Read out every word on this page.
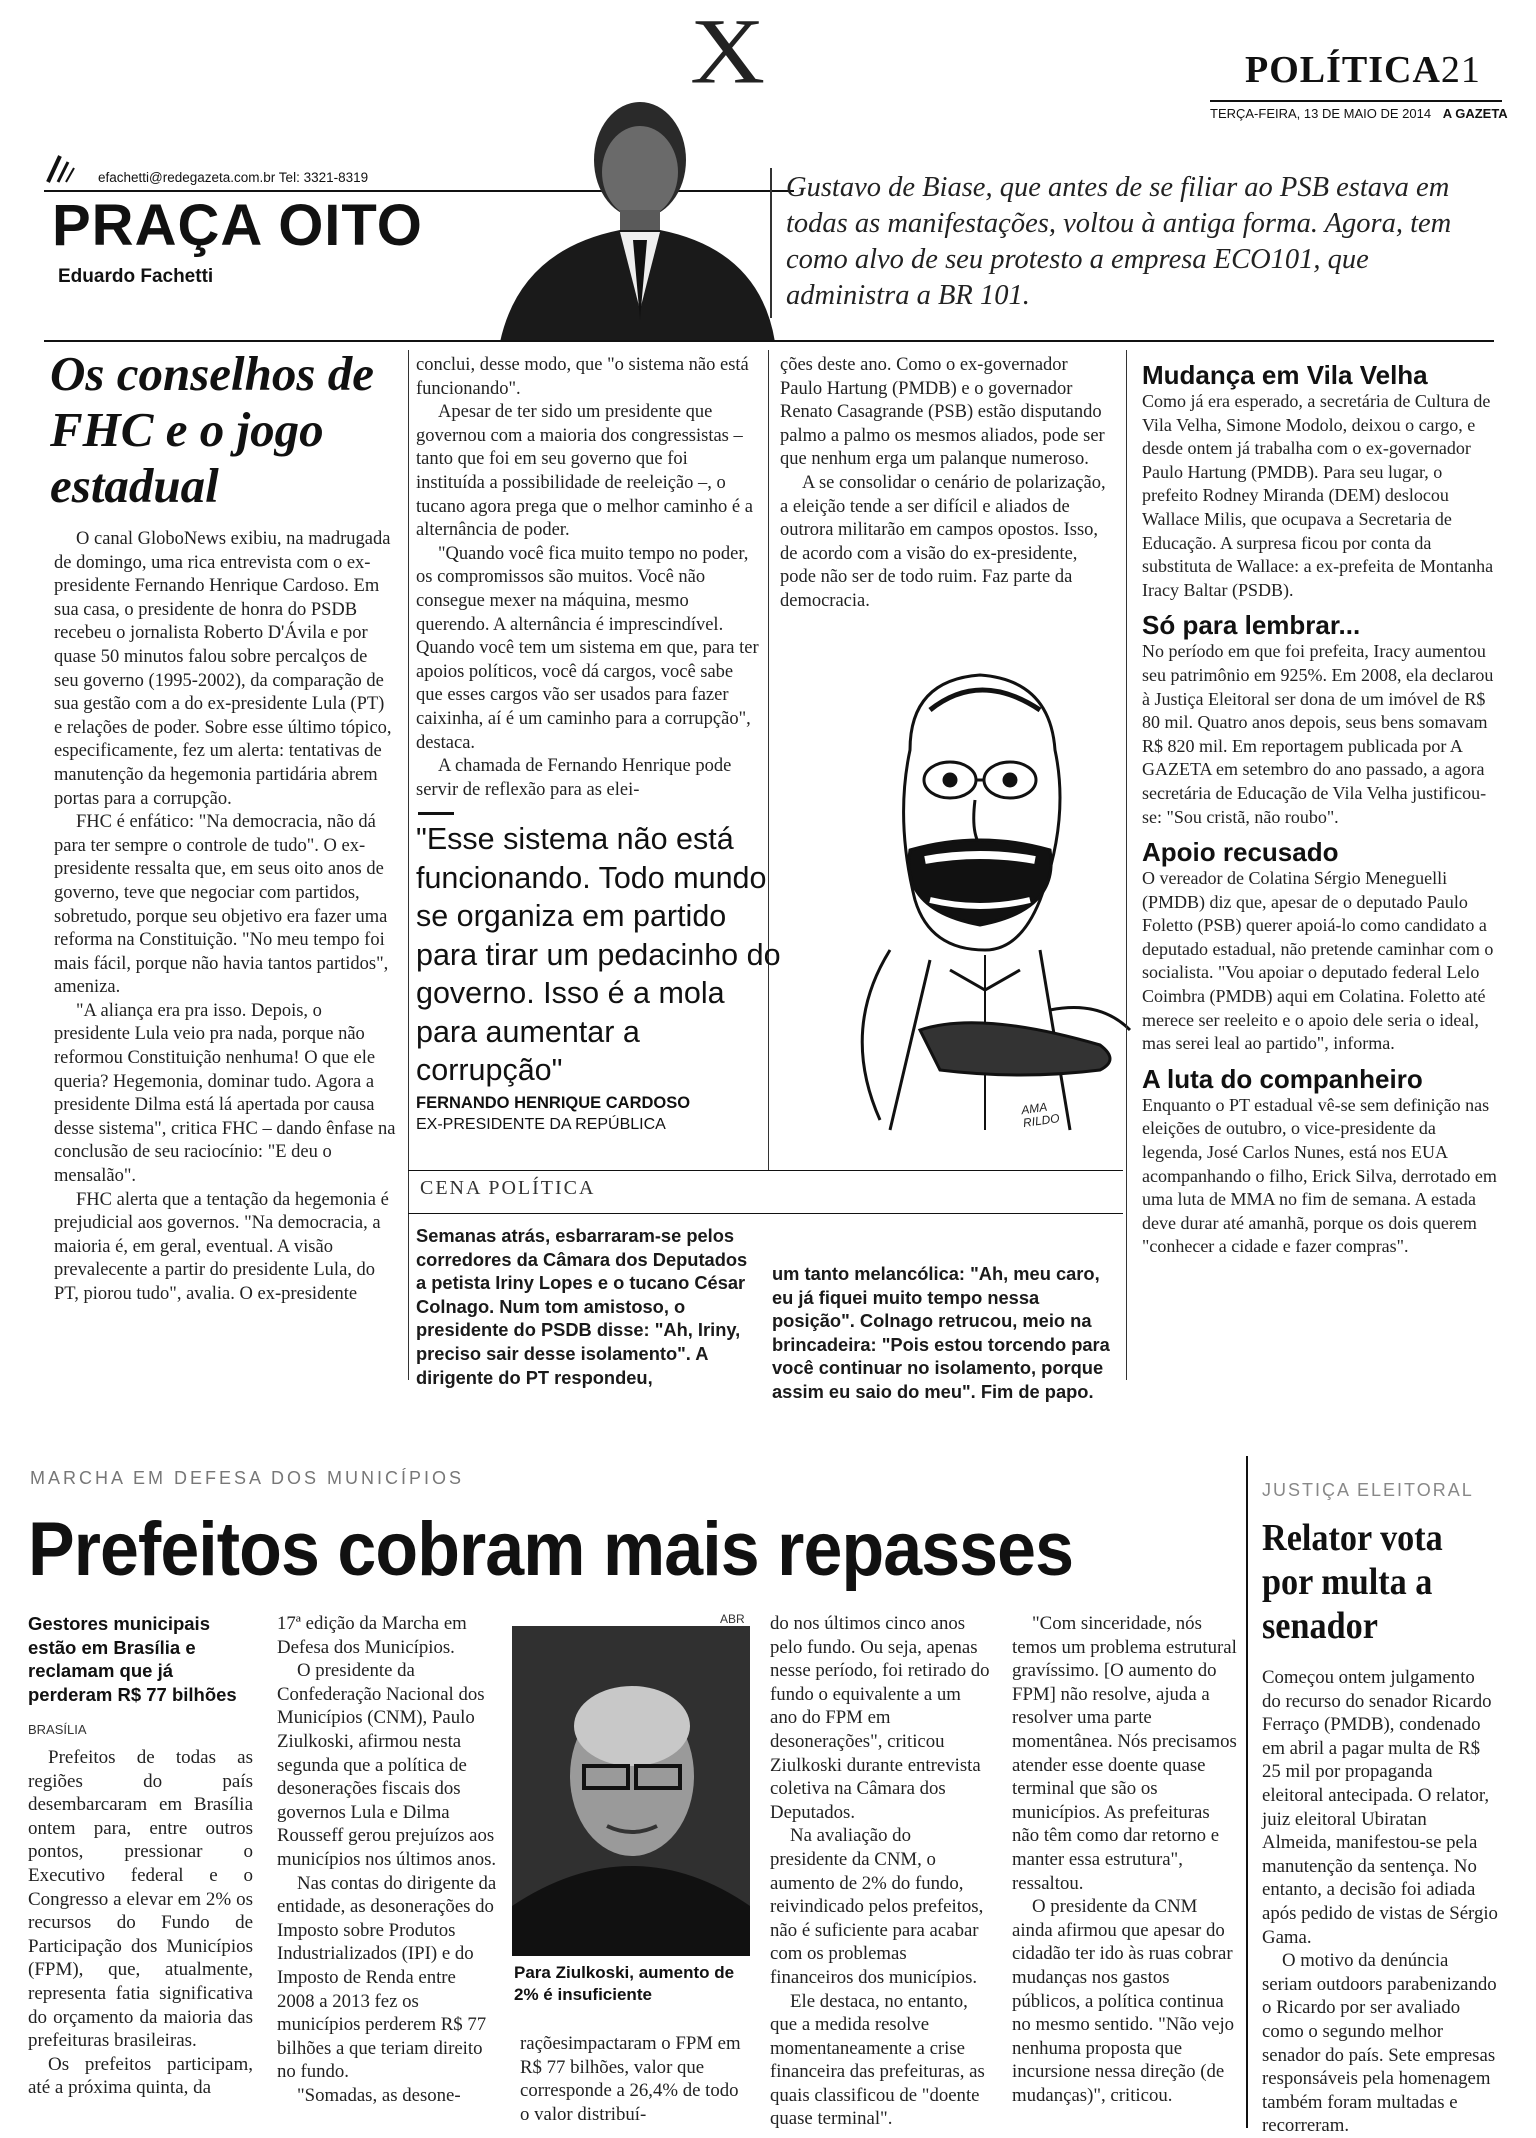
X	POLÍTICA21
TERÇA-FEIRA, 13 DE MAIO DE 2014 A GAZETA
efachetti@redegazeta.com.br Tel: 3321-8319
PRAÇA OITO
Eduardo Fachetti
Gustavo de Biase, que antes de se filiar ao PSB estava em todas as manifestações, voltou à antiga forma. Agora, tem como alvo de seu protesto a empresa ECO101, que administra a BR 101.
Os conselhos de FHC e o jogo estadual

O canal GloboNews exibiu, na madrugada de domingo, uma rica entrevista com o ex-presidente Fernando Henrique Cardoso. Em sua casa, o presidente de honra do PSDB recebeu o jornalista Roberto D'Ávila e por quase 50 minutos falou sobre percalços de seu governo (1995-2002), da comparação de sua gestão com a do ex-presidente Lula (PT) e relações de poder. Sobre esse último tópico, especificamente, fez um alerta: tentativas de manutenção da hegemonia partidária abrem portas para a corrupção.

FHC é enfático: "Na democracia, não dá para ter sempre o controle de tudo". O ex-presidente ressalta que, em seus oito anos de governo, teve que negociar com partidos, sobretudo, porque seu objetivo era fazer uma reforma na Constituição. "No meu tempo foi mais fácil, porque não havia tantos partidos", ameniza.

"A aliança era pra isso. Depois, o presidente Lula veio pra nada, porque não reformou Constituição nenhuma! O que ele queria? Hegemonia, dominar tudo. Agora a presidente Dilma está lá apertada por causa desse sistema", critica FHC – dando ênfase na conclusão de seu raciocínio: "E deu o mensalão".

FHC alerta que a tentação da hegemonia é prejudicial aos governos. "Na democracia, a maioria é, em geral, eventual. A visão prevalecente a partir do presidente Lula, do PT, piorou tudo", avalia. O ex-presidente

conclui, desse modo, que "o sistema não está funcionando".

Apesar de ter sido um presidente que governou com a maioria dos congressistas – tanto que foi em seu governo que foi instituída a possibilidade de reeleição –, o tucano agora prega que o melhor caminho é a alternância de poder.

"Quando você fica muito tempo no poder, os compromissos são muitos. Você não consegue mexer na máquina, mesmo querendo. A alternância é imprescindível. Quando você tem um sistema em que, para ter apoios políticos, você dá cargos, você sabe que esses cargos vão ser usados para fazer caixinha, aí é um caminho para a corrupção", destaca.

A chamada de Fernando Henrique pode servir de reflexão para as elei-

ções deste ano. Como o ex-governador Paulo Hartung (PMDB) e o governador Renato Casagrande (PSB) estão disputando palmo a palmo os mesmos aliados, pode ser que nenhum erga um palanque numeroso.

A se consolidar o cenário de polarização, a eleição tende a ser difícil e aliados de outrora militarão em campos opostos. Isso, de acordo com a visão do ex-presidente, pode não ser de todo ruim. Faz parte da democracia.

"Esse sistema não está funcionando. Todo mundo se organiza em partido para tirar um pedacinho do governo. Isso é a mola para aumentar a corrupção"
FERNANDO HENRIQUE CARDOSO
EX-PRESIDENTE DA REPÚBLICA
AMA RILDO
CENA POLÍTICA
Semanas atrás, esbarraram-se pelos corredores da Câmara dos Deputados a petista Iriny Lopes e o tucano César Colnago. Num tom amistoso, o presidente do PSDB disse: "Ah, Iriny, preciso sair desse isolamento". A dirigente do PT respondeu,
um tanto melancólica: "Ah, meu caro, eu já fiquei muito tempo nessa posição". Colnago retrucou, meio na brincadeira: "Pois estou torcendo para você continuar no isolamento, porque assim eu saio do meu". Fim de papo.
Mudança em Vila Velha
Como já era esperado, a secretária de Cultura de Vila Velha, Simone Modolo, deixou o cargo, e desde ontem já trabalha com o ex-governador Paulo Hartung (PMDB). Para seu lugar, o prefeito Rodney Miranda (DEM) deslocou Wallace Milis, que ocupava a Secretaria de Educação. A surpresa ficou por conta da substituta de Wallace: a ex-prefeita de Montanha Iracy Baltar (PSDB).
Só para lembrar...
No período em que foi prefeita, Iracy aumentou seu patrimônio em 925%. Em 2008, ela declarou à Justiça Eleitoral ser dona de um imóvel de R$ 80 mil. Quatro anos depois, seus bens somavam R$ 820 mil. Em reportagem publicada por A GAZETA em setembro do ano passado, a agora secretária de Educação de Vila Velha justificou-se: "Sou cristã, não roubo".
Apoio recusado
O vereador de Colatina Sérgio Meneguelli (PMDB) diz que, apesar de o deputado Paulo Foletto (PSB) querer apoiá-lo como candidato a deputado estadual, não pretende caminhar com o socialista. "Vou apoiar o deputado federal Lelo Coimbra (PMDB) aqui em Colatina. Foletto até merece ser reeleito e o apoio dele seria o ideal, mas serei leal ao partido", informa.
A luta do companheiro
Enquanto o PT estadual vê-se sem definição nas eleições de outubro, o vice-presidente da legenda, José Carlos Nunes, está nos EUA acompanhando o filho, Erick Silva, derrotado em uma luta de MMA no fim de semana. A estada deve durar até amanhã, porque os dois querem "conhecer a cidade e fazer compras".
MARCHA EM DEFESA DOS MUNICÍPIOS
Prefeitos cobram mais repasses
Gestores municipais estão em Brasília e reclamam que já perderam R$ 77 bilhões
BRASÍLIA
Prefeitos de todas as regiões do país desembarcaram em Brasília ontem para, entre outros pontos, pressionar o Executivo federal e o Congresso a elevar em 2% os recursos do Fundo de Participação dos Municípios (FPM), que, atualmente, representa fatia significativa do orçamento da maioria das prefeituras brasileiras.
Os prefeitos participam, até a próxima quinta, da
17ª edição da Marcha em Defesa dos Municípios.
O presidente da Confederação Nacional dos Municípios (CNM), Paulo Ziulkoski, afirmou nesta segunda que a política de desonerações fiscais dos governos Lula e Dilma Rousseff gerou prejuízos aos municípios nos últimos anos.
Nas contas do dirigente da entidade, as desonerações do Imposto sobre Produtos Industrializados (IPI) e do Imposto de Renda entre 2008 a 2013 fez os municípios perderem R$ 77 bilhões a que teriam direito no fundo.
"Somadas, as desone-
ABR
Para Ziulkoski, aumento de 2% é insuficiente
raçõesimpactaram o FPM em R$ 77 bilhões, valor que corresponde a 26,4% de todo o valor distribuí-
do nos últimos cinco anos pelo fundo. Ou seja, apenas nesse período, foi retirado do fundo o equivalente a um ano do FPM em desonerações", criticou Ziulkoski durante entrevista coletiva na Câmara dos Deputados.
Na avaliação do presidente da CNM, o aumento de 2% do fundo, reivindicado pelos prefeitos, não é suficiente para acabar com os problemas financeiros dos municípios.
Ele destaca, no entanto, que a medida resolve momentaneamente a crise financeira das prefeituras, as quais classificou de "doente quase terminal".
"Com sinceridade, nós temos um problema estrutural gravíssimo. [O aumento do FPM] não resolve, ajuda a resolver uma parte momentânea. Nós precisamos atender esse doente quase terminal que são os municípios. As prefeituras não têm como dar retorno e manter essa estrutura", ressaltou.
O presidente da CNM ainda afirmou que apesar do cidadão ter ido às ruas cobrar mudanças nos gastos públicos, a política continua no mesmo sentido. "Não vejo nenhuma proposta que incursione nessa direção (de mudanças)", criticou.
JUSTIÇA ELEITORAL
Relator vota por multa a senador
Começou ontem julgamento do recurso do senador Ricardo Ferraço (PMDB), condenado em abril a pagar multa de R$ 25 mil por propaganda eleitoral antecipada. O relator, juiz eleitoral Ubiratan Almeida, manifestou-se pela manutenção da sentença. No entanto, a decisão foi adiada após pedido de vistas de Sérgio Gama.
O motivo da denúncia seriam outdoors parabenizando o Ricardo por ser avaliado como o segundo melhor senador do país. Sete empresas responsáveis pela homenagem também foram multadas e recorreram.
